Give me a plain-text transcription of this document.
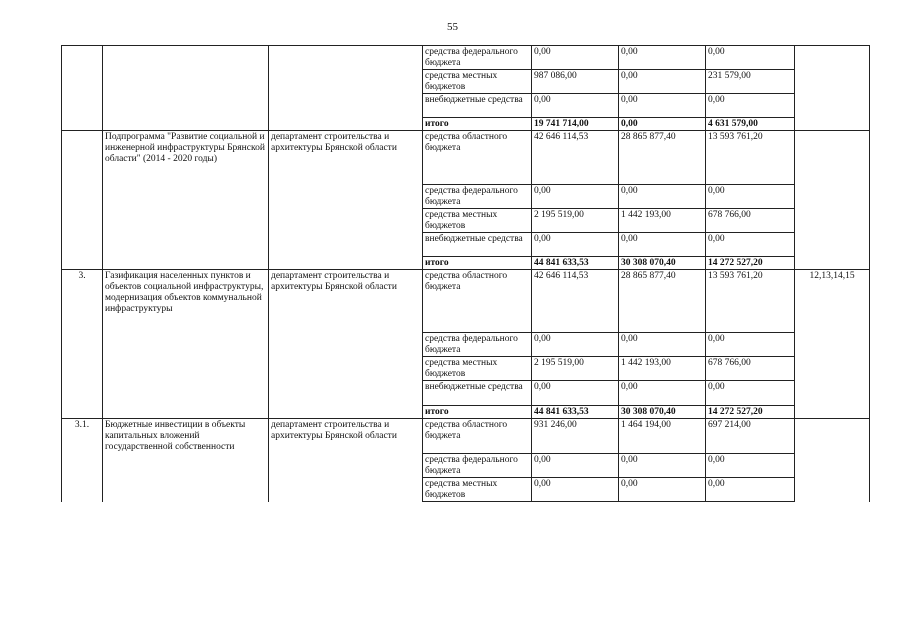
55
			средства федерального бюджета	0,00	0,00	0,00	
			средства местных бюджетов	987 086,00	0,00	231 579,00	
			внебюджетные средства	0,00	0,00	0,00	
			итого	19 741 714,00	0,00	4 631 579,00	
	Подпрограмма "Развитие социальной и инженерной инфраструктуры Брянской области" (2014 - 2020 годы)	департамент строительства и архитектуры Брянской области	средства областного бюджета	42 646 114,53	28 865 877,40	13 593 761,20	
			средства федерального бюджета	0,00	0,00	0,00	
			средства местных бюджетов	2 195 519,00	1 442 193,00	678 766,00	
			внебюджетные средства	0,00	0,00	0,00	
			итого	44 841 633,53	30 308 070,40	14 272 527,20	
3.	Газификация населенных пунктов и объектов социальной инфраструктуры, модернизация объектов коммунальной инфраструктуры	департамент строительства и архитектуры Брянской области	средства областного бюджета	42 646 114,53	28 865 877,40	13 593 761,20	12,13,14,15
			средства федерального бюджета	0,00	0,00	0,00	
			средства местных бюджетов	2 195 519,00	1 442 193,00	678 766,00	
			внебюджетные средства	0,00	0,00	0,00	
			итого	44 841 633,53	30 308 070,40	14 272 527,20	
3.1.	Бюджетные инвестиции в объекты капитальных вложений государственной собственности	департамент строительства и архитектуры Брянской области	средства областного бюджета	931 246,00	1 464 194,00	697 214,00	
			средства федерального бюджета	0,00	0,00	0,00	
			средства местных бюджетов	0,00	0,00	0,00	
